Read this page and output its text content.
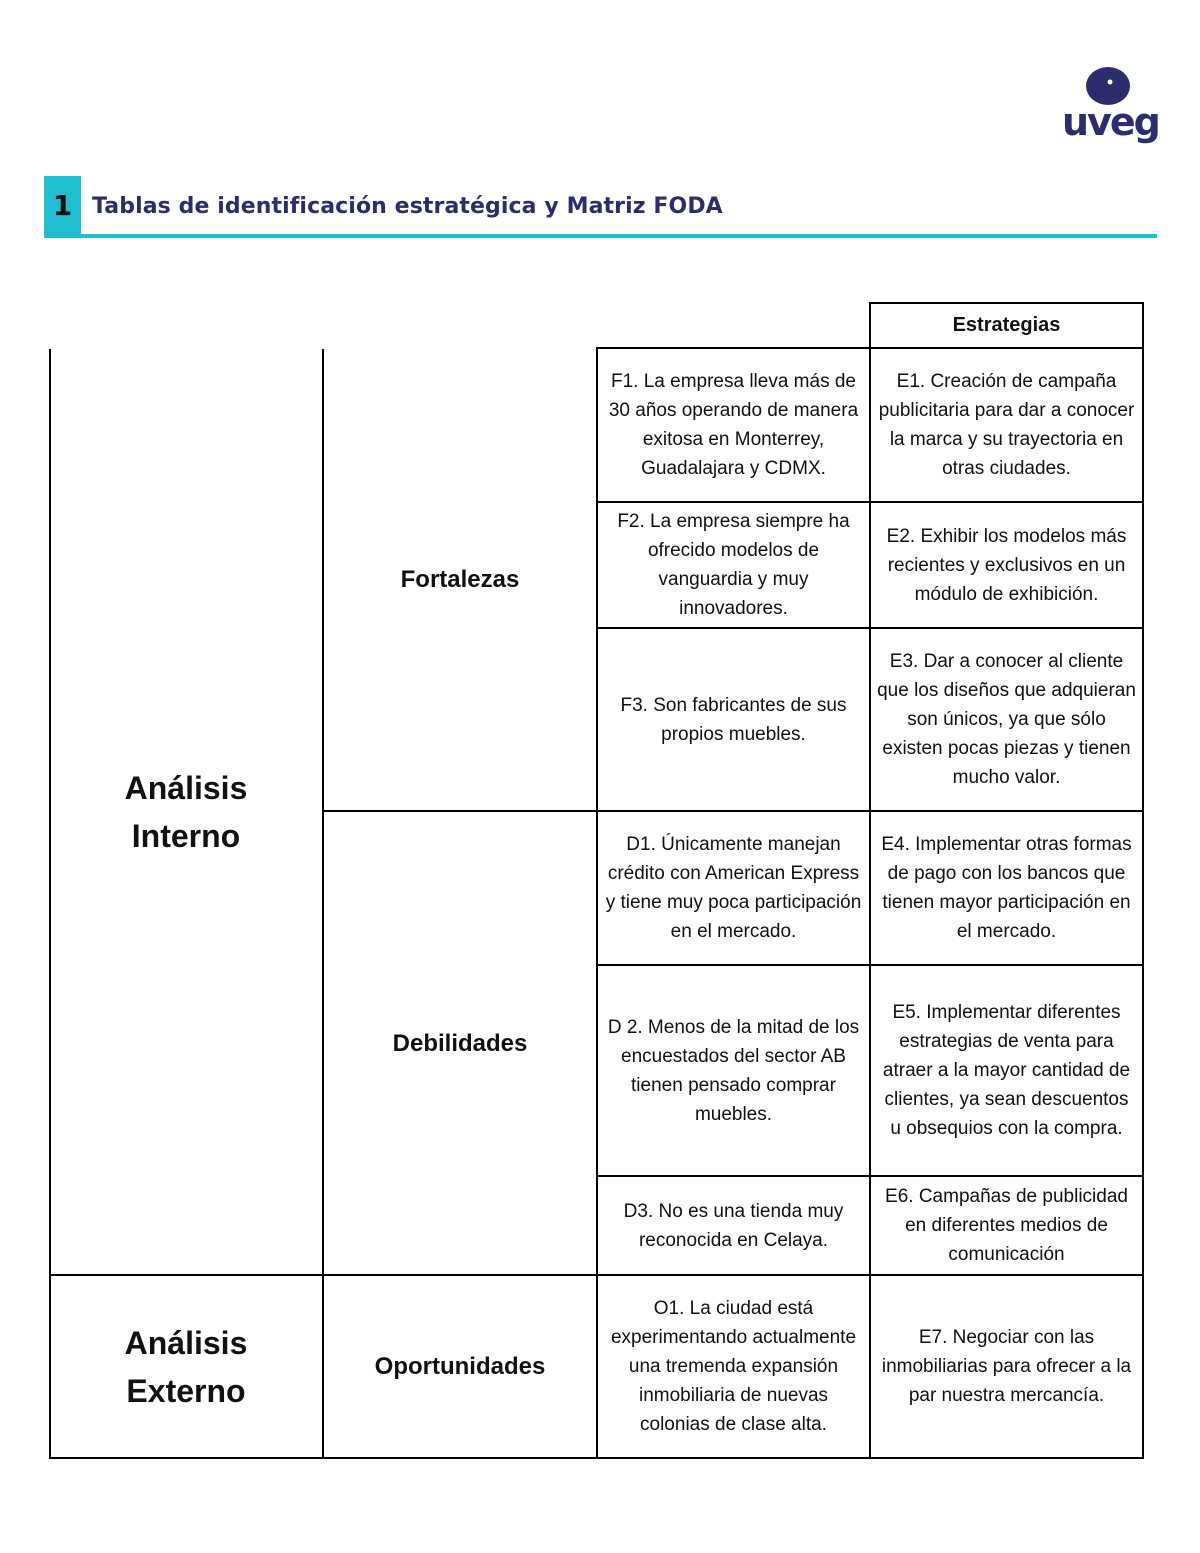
uveg
1 Tablas de identificación estratégica y Matriz FODA
Estrategias
Análisis Interno
Análisis Externo
Fortalezas
Debilidades
Oportunidades
F1. La empresa lleva más de 30 años operando de manera exitosa en Monterrey, Guadalajara y CDMX.
E1. Creación de campaña publicitaria para dar a conocer la marca y su trayectoria en otras ciudades.
F2. La empresa siempre ha ofrecido modelos de vanguardia y muy innovadores.
E2. Exhibir los modelos más recientes y exclusivos en un módulo de exhibición.
F3. Son fabricantes de sus propios muebles.
E3. Dar a conocer al cliente que los diseños que adquieran son únicos, ya que sólo existen pocas piezas y tienen mucho valor.
D1. Únicamente manejan crédito con American Express y tiene muy poca participación en el mercado.
E4. Implementar otras formas de pago con los bancos que tienen mayor participación en el mercado.
D 2. Menos de la mitad de los encuestados del sector AB tienen pensado comprar muebles.
E5. Implementar diferentes estrategias de venta para atraer a la mayor cantidad de clientes, ya sean descuentos u obsequios con la compra.
D3. No es una tienda muy reconocida en Celaya.
E6. Campañas de publicidad en diferentes medios de comunicación
O1. La ciudad está experimentando actualmente una tremenda expansión inmobiliaria de nuevas colonias de clase alta.
E7. Negociar con las inmobiliarias para ofrecer a la par nuestra mercancía.
